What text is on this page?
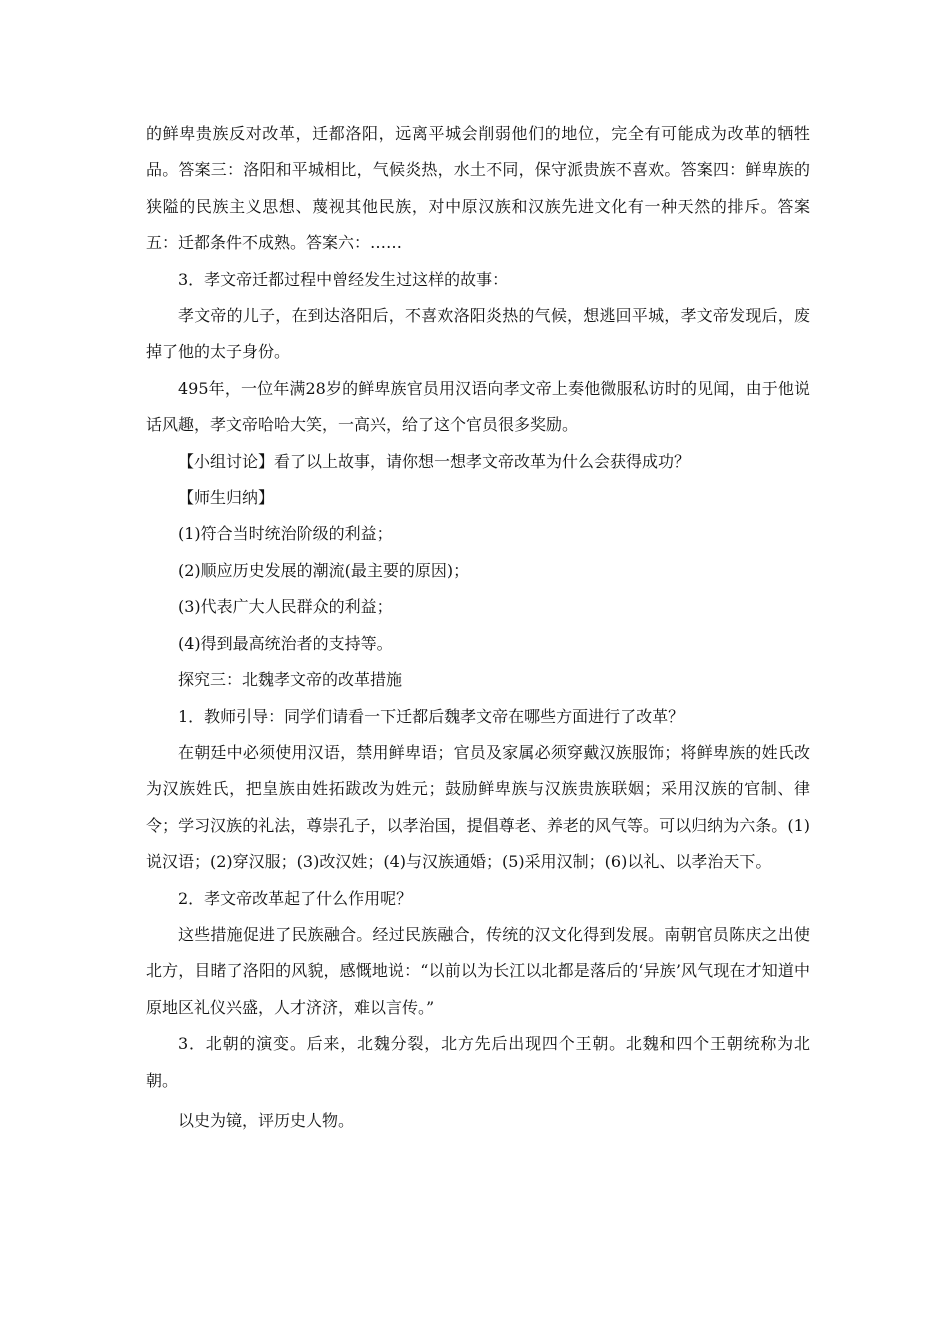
的鲜卑贵族反对改革，迁都洛阳，远离平城会削弱他们的地位，完全有可能成为改革的牺牲品。答案三：洛阳和平城相比，气候炎热，水土不同，保守派贵族不喜欢。答案四：鲜卑族的狭隘的民族主义思想、蔑视其他民族，对中原汉族和汉族先进文化有一种天然的排斥。答案五：迁都条件不成熟。答案六：……

3．孝文帝迁都过程中曾经发生过这样的故事：

孝文帝的儿子，在到达洛阳后，不喜欢洛阳炎热的气候，想逃回平城，孝文帝发现后，废掉了他的太子身份。

495年，一位年满28岁的鲜卑族官员用汉语向孝文帝上奏他微服私访时的见闻，由于他说话风趣，孝文帝哈哈大笑，一高兴，给了这个官员很多奖励。

【小组讨论】看了以上故事，请你想一想孝文帝改革为什么会获得成功？

【师生归纳】

(1)符合当时统治阶级的利益；

(2)顺应历史发展的潮流(最主要的原因)；

(3)代表广大人民群众的利益；

(4)得到最高统治者的支持等。

探究三：北魏孝文帝的改革措施

1．教师引导：同学们请看一下迁都后魏孝文帝在哪些方面进行了改革？

在朝廷中必须使用汉语，禁用鲜卑语；官员及家属必须穿戴汉族服饰；将鲜卑族的姓氏改为汉族姓氏，把皇族由姓拓跋改为姓元；鼓励鲜卑族与汉族贵族联姻；采用汉族的官制、律令；学习汉族的礼法，尊崇孔子，以孝治国，提倡尊老、养老的风气等。可以归纳为六条。(1)说汉语；(2)穿汉服；(3)改汉姓；(4)与汉族通婚；(5)采用汉制；(6)以礼、以孝治天下。

2．孝文帝改革起了什么作用呢？

这些措施促进了民族融合。经过民族融合，传统的汉文化得到发展。南朝官员陈庆之出使北方，目睹了洛阳的风貌，感慨地说：“以前以为长江以北都是落后的‘异族’风气现在才知道中原地区礼仪兴盛，人才济济，难以言传。”

3．北朝的演变。后来，北魏分裂，北方先后出现四个王朝。北魏和四个王朝统称为北朝。

以史为镜，评历史人物。
